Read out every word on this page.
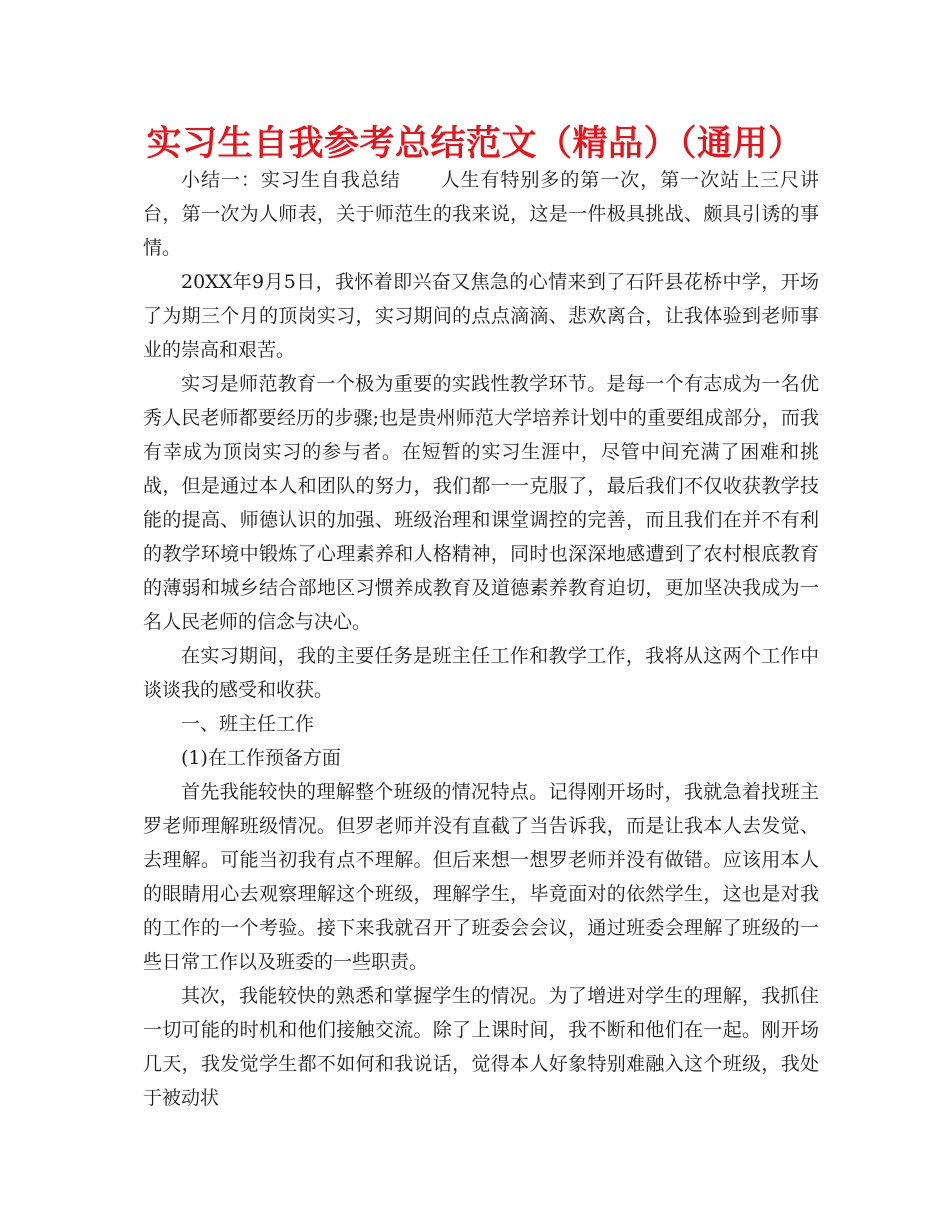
实习生自我参考总结范文（精品）（通用）

小结一：实习生自我总结　　人生有特别多的第一次，第一次站上三尺讲台，第一次为人师表，关于师范生的我来说，这是一件极具挑战、颇具引诱的事情。

20XX年9月5日，我怀着即兴奋又焦急的心情来到了石阡县花桥中学，开场了为期三个月的顶岗实习，实习期间的点点滴滴、悲欢离合，让我体验到老师事业的崇高和艰苦。

实习是师范教育一个极为重要的实践性教学环节。是每一个有志成为一名优秀人民老师都要经历的步骤;也是贵州师范大学培养计划中的重要组成部分，而我有幸成为顶岗实习的参与者。在短暂的实习生涯中，尽管中间充满了困难和挑战，但是通过本人和团队的努力，我们都一一克服了，最后我们不仅收获教学技能的提高、师德认识的加强、班级治理和课堂调控的完善，而且我们在并不有利的教学环境中锻炼了心理素养和人格精神，同时也深深地感遭到了农村根底教育的薄弱和城乡结合部地区习惯养成教育及道德素养教育迫切，更加坚决我成为一名人民老师的信念与决心。

在实习期间，我的主要任务是班主任工作和教学工作，我将从这两个工作中谈谈我的感受和收获。

一、班主任工作

(1)在工作预备方面

首先我能较快的理解整个班级的情况特点。记得刚开场时，我就急着找班主罗老师理解班级情况。但罗老师并没有直截了当告诉我，而是让我本人去发觉、去理解。可能当初我有点不理解。但后来想一想罗老师并没有做错。应该用本人的眼睛用心去观察理解这个班级，理解学生，毕竟面对的依然学生，这也是对我的工作的一个考验。接下来我就召开了班委会会议，通过班委会理解了班级的一些日常工作以及班委的一些职责。

其次，我能较快的熟悉和掌握学生的情况。为了增进对学生的理解，我抓住一切可能的时机和他们接触交流。除了上课时间，我不断和他们在一起。刚开场几天，我发觉学生都不如何和我说话，觉得本人好象特别难融入这个班级，我处于被动状
